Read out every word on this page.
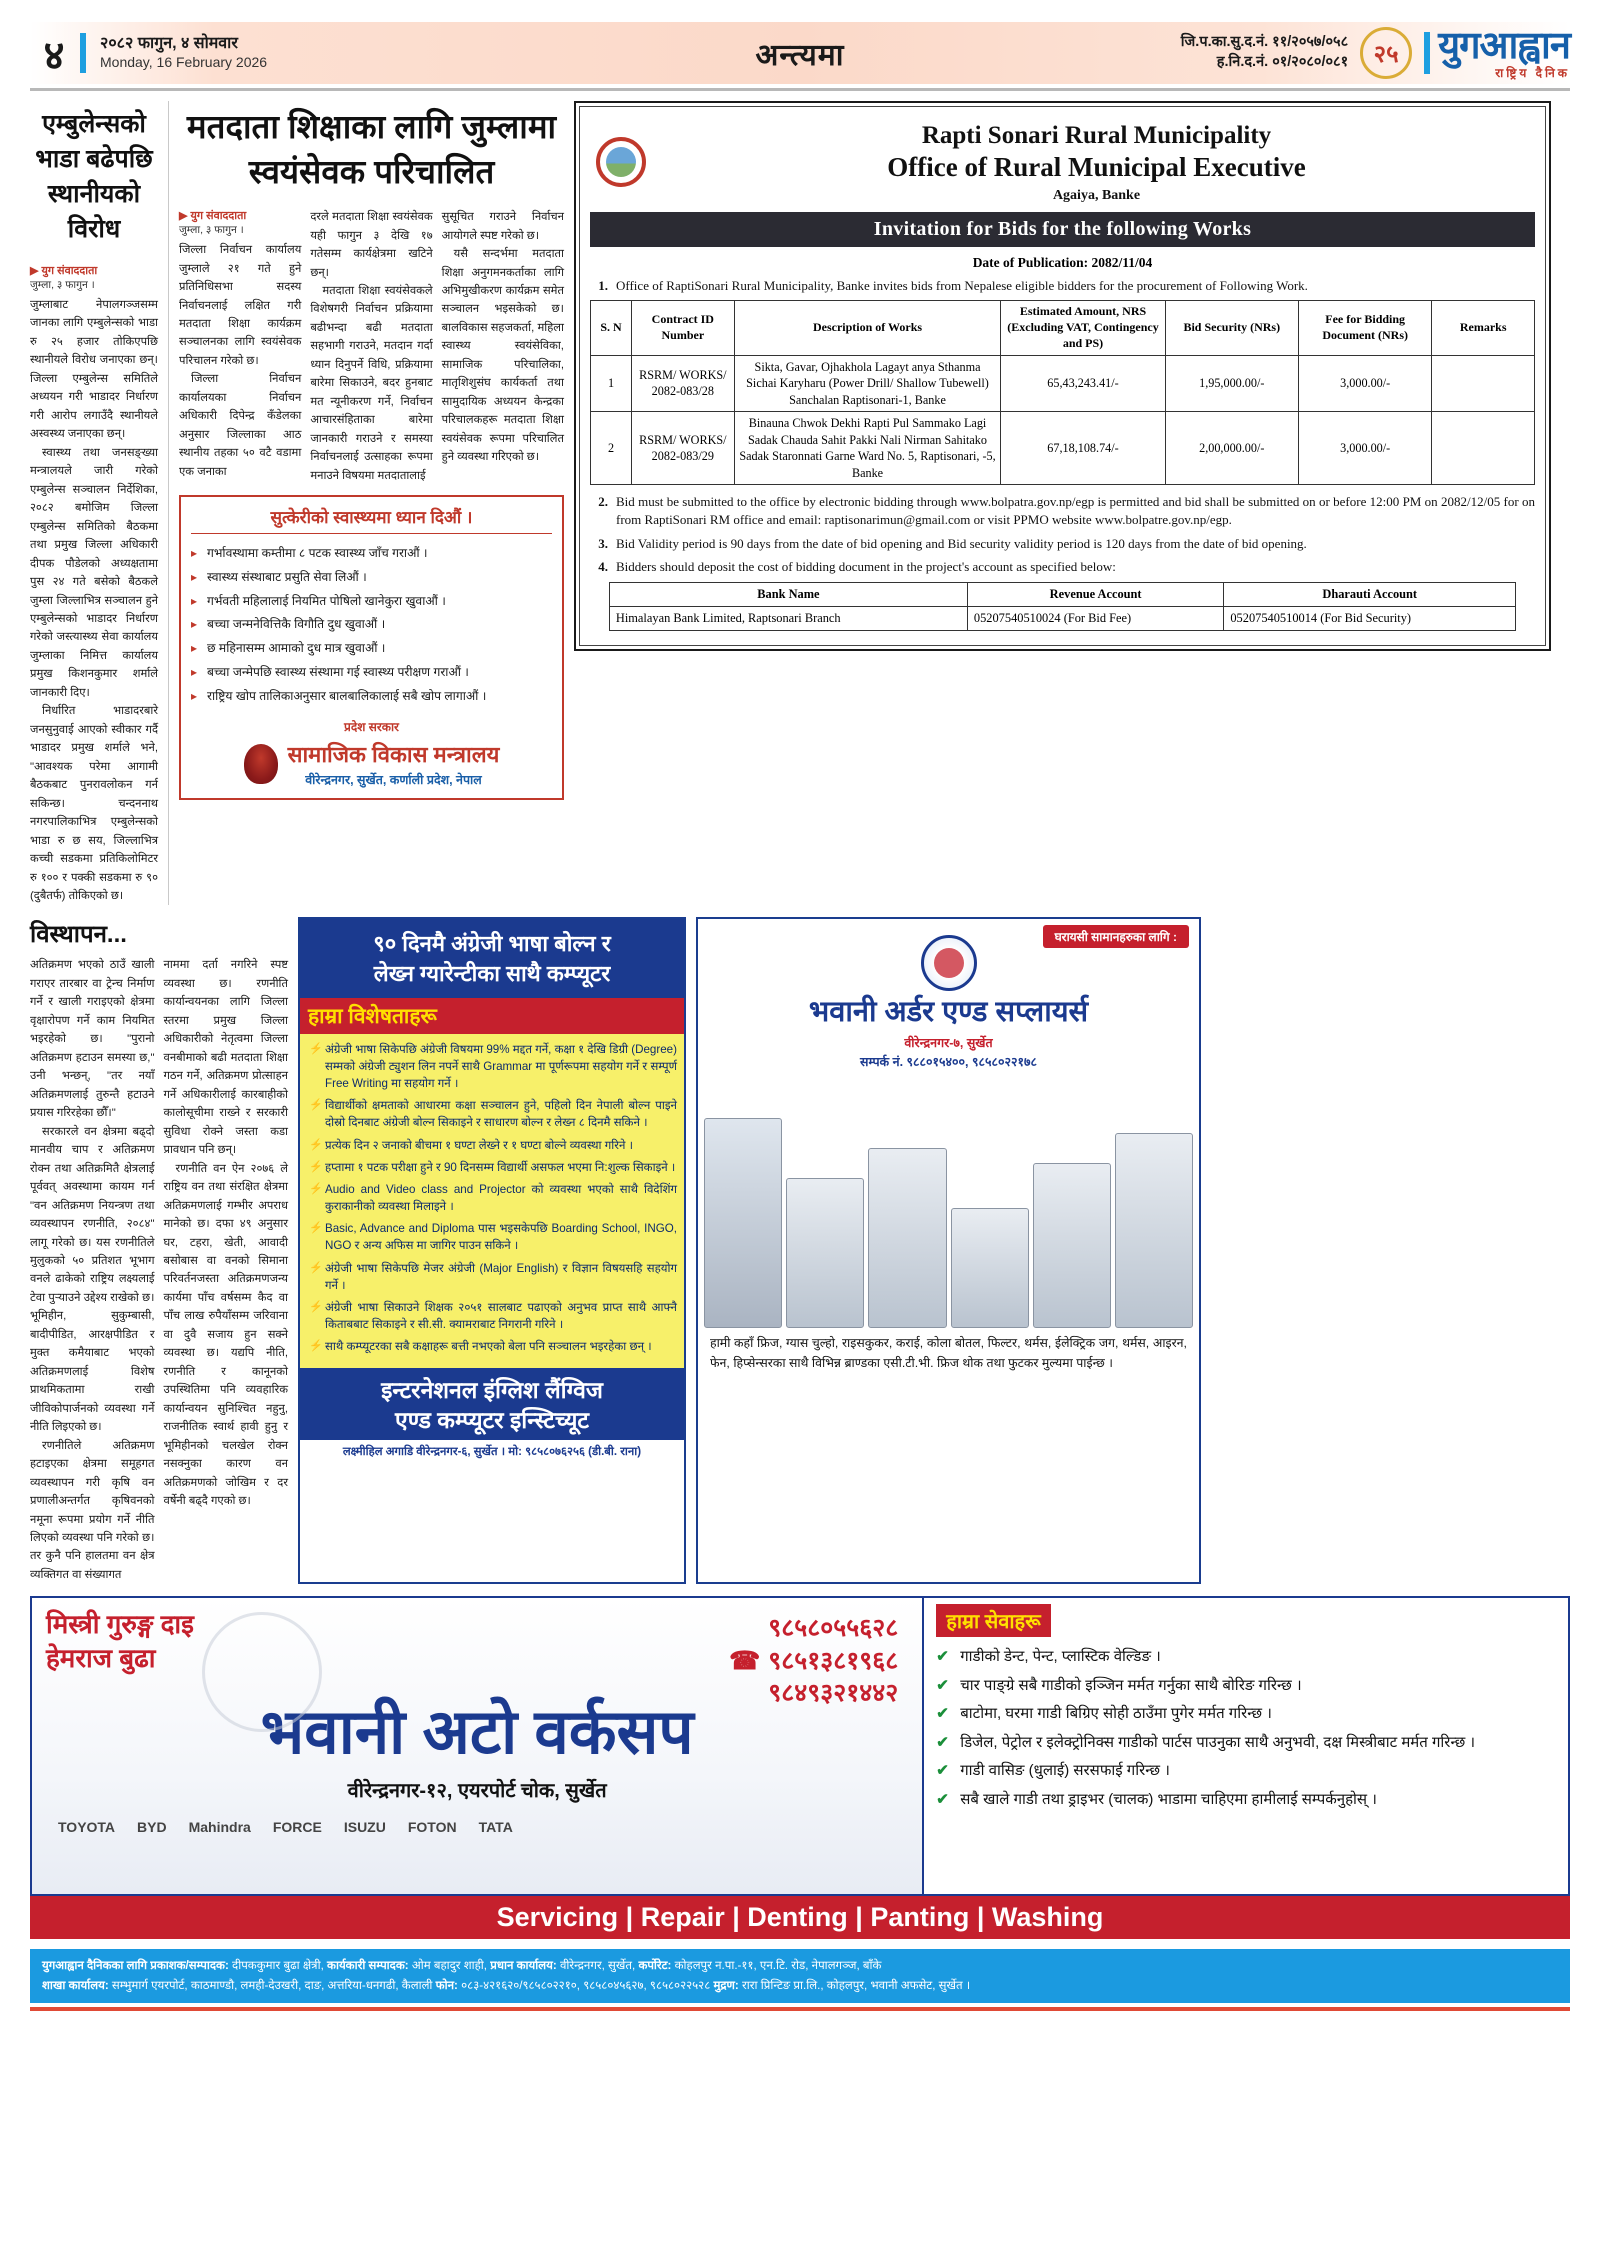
४	२०८२ फागुन, ४ सोमवार
Monday, 16 February 2026	अन्त्यमा	जि.प.का.सु.द.नं. ११/२०५७/०५८
ह.नि.द.नं. ०१/२०८०/०८१	२५	युगआह्वान
राष्ट्रिय दैनिक
एम्बुलेन्सको भाडा बढेपछि स्थानीयको विरोध
▶ युग संवाददाता
जुम्ला, ३ फागुन ।
जुम्लाबाट नेपालगञ्जसम्म जानका लागि एम्बुलेन्सको भाडा रु २५ हजार तोकिएपछि स्थानीयले विरोध जनाएका छन्। जिल्ला एम्बुलेन्स समितिले अध्ययन गरी भाडादर निर्धारण गरी आरोप लगाउँदै स्थानीयले अस्वस्थ्य जनाएका छन्।
स्वास्थ्य तथा जनसङ्ख्या मन्त्रालयले जारी गरेको एम्बुलेन्स सञ्चालन निर्देशिका, २०८२ बमोजिम जिल्ला एम्बुलेन्स समितिको बैठकमा तथा प्रमुख जिल्ला अधिकारी दीपक पौडेलको अध्यक्षतामा पुस २४ गते बसेको बैठकले जुम्ला जिल्लाभित्र सञ्चालन हुने एम्बुलेन्सको भाडादर निर्धारण गरेको जस्त्यास्थ्य सेवा कार्यालय जुम्लाका निमित्त कार्यालय प्रमुख किशनकुमार शर्माले जानकारी दिए।
निर्धारित भाडादरबारे जनसुनुवाई आएको स्वीकार गर्दै भाडादर प्रमुख शर्माले भने, "आवश्यक परेमा आगामी बैठकबाट पुनरावलोकन गर्न सकिन्छ। चन्दननाथ नगरपालिकाभित्र एम्बुलेन्सको भाडा रु छ सय, जिल्लाभित्र कच्ची सडकमा प्रतिकिलोमिटर रु १०० र पक्की सडकमा रु ९० (दुबैतर्फ) तोकिएको छ।
मतदाता शिक्षाका लागि जुम्लामा स्वयंसेवक परिचालित
▶ युग संवाददाता
जुम्ला, ३ फागुन ।
जिल्ला निर्वाचन कार्यालय जुम्लाले २१ गते हुने प्रतिनिधिसभा सदस्य निर्वाचनलाई लक्षित गरी मतदाता शिक्षा कार्यक्रम सञ्चालनका लागि स्वयंसेवक परिचालन गरेको छ।
जिल्ला निर्वाचन कार्यालयका निर्वाचन अधिकारी दिपेन्द्र कँडेलका अनुसार जिल्लाका आठ स्थानीय तहका ५० वटै वडामा एक जनाका
दरले मतदाता शिक्षा स्वयंसेवक यही फागुन ३ देखि १७ गतेसम्म कार्यक्षेत्रमा खटिने छन्।
मतदाता शिक्षा स्वयंसेवकले विशेषगरी निर्वाचन प्रक्रियामा बढीभन्दा बढी मतदाता सहभागी गराउने, मतदान गर्दा ध्यान दिनुपर्ने विधि, प्रक्रियामा बारेमा सिकाउने, बदर हुनबाट मत न्यूनीकरण गर्ने, निर्वाचन आचारसंहिताका बारेमा जानकारी गराउने र समस्या निर्वाचनलाई उत्साहका रूपमा मनाउने विषयमा मतदातालाई
सुसूचित गराउने निर्वाचन आयोगले स्पष्ट गरेको छ।
यसै सन्दर्भमा मतदाता शिक्षा अनुगमनकर्ताका लागि अभिमुखीकरण कार्यक्रम समेत सञ्चालन भइसकेको छ। बालविकास सहजकर्ता, महिला स्वास्थ्य स्वयंसेविका, सामाजिक परिचालिका, मातृशिशुसंघ कार्यकर्ता तथा सामुदायिक अध्ययन केन्द्रका परिचालकहरू मतदाता शिक्षा स्वयंसेवक रूपमा परिचालित हुने व्यवस्था गरिएको छ।
सुत्केरीको स्वास्थ्यमा ध्यान दिऔं ।
▸ गर्भावस्थामा कम्तीमा ८ पटक स्वास्थ्य जाँच गराऔं ।
▸ स्वास्थ्य संस्थाबाट प्रसुति सेवा लिऔं ।
▸ गर्भवती महिलालाई नियमित पोषिलो खानेकुरा खुवाऔं ।
▸ बच्चा जन्मनेवित्तिकै विगौति दुध खुवाऔं ।
▸ छ महिनासम्म आमाको दुध मात्र खुवाऔं ।
▸ बच्चा जन्मेपछि स्वास्थ्य संस्थामा गई स्वास्थ्य परीक्षण गराऔं ।
▸ राष्ट्रिय खोप तालिकाअनुसार बालबालिकालाई सबै खोप लागाऔं ।
प्रदेश सरकार
सामाजिक विकास मन्त्रालय
वीरेन्द्रनगर, सुर्खेत, कर्णाली प्रदेश, नेपाल
Rapti Sonari Rural Municipality
Office of Rural Municipal Executive
Agaiya, Banke
Invitation for Bids for the following Works
Date of Publication: 2082/11/04
1. Office of RaptiSonari Rural Municipality, Banke invites bids from Nepalese eligible bidders for the procurement of Following Work.
S. N	Contract ID Number	Description of Works	Estimated Amount, NRS (Excluding VAT, Contingency and PS)	Bid Security (NRs)	Fee for Bidding Document (NRs)	Remarks
1	RSRM/ WORKS/ 2082-083/28	Sikta, Gavar, Ojhakhola Lagayt anya Sthanma Sichai Karyharu (Power Drill/ Shallow Tubewell) Sanchalan Raptisonari-1, Banke	65,43,243.41/-	1,95,000.00/-	3,000.00/-	
2	RSRM/ WORKS/ 2082-083/29	Binauna Chwok Dekhi Rapti Pul Sammako Lagi Sadak Chauda Sahit Pakki Nali Nirman Sahitako Sadak Staronnati Garne Ward No. 5, Raptisonari, -5, Banke	67,18,108.74/-	2,00,000.00/-	3,000.00/-	
2. Bid must be submitted to the office by electronic bidding through www.bolpatra.gov.np/egp is permitted and bid shall be submitted on or before 12:00 PM on 2082/12/05 for on from RaptiSonari RM office and email: raptisonarimun@gmail.com or visit PPMO website www.bolpatre.gov.np/egp.
3. Bid Validity period is 90 days from the date of bid opening and Bid security validity period is 120 days from the date of bid opening.
4. Bidders should deposit the cost of bidding document in the project's account as specified below:
Bank Name	Revenue Account	Dharauti Account
Himalayan Bank Limited, Raptsonari Branch	05207540510024 (For Bid Fee)	05207540510014 (For Bid Security)
विस्थापन...
अतिक्रमण भएको ठाउँ खाली गराएर तारबार वा ट्रेन्च निर्माण गर्ने र खाली गराइएको क्षेत्रमा वृक्षारोपण गर्ने काम नियमित भइरहेको छ। "पुरानो अतिक्रमण हटाउन समस्या छ," उनी भन्छन्, "तर नयाँ अतिक्रमणलाई तुरुन्तै हटाउने प्रयास गरिरहेका छौँ।"
सरकारले वन क्षेत्रमा बढ्दो मानवीय चाप र अतिक्रमण रोक्न तथा अतिक्रमितै क्षेत्रलाई पूर्ववत् अवस्थामा कायम गर्न "वन अतिक्रमण नियन्त्रण तथा व्यवस्थापन रणनीति, २०८४" लागू गरेको छ। यस रणनीतिले मुलुकको ५० प्रतिशत भूभाग वनले ढाकेको राष्ट्रिय लक्ष्यलाई टेवा पुऱ्याउने उद्देश्य राखेको छ। भूमिहीन, सुकुम्बासी, बादीपीडित, आरक्षपीडित र मुक्त कमैयाबाट भएको अतिक्रमणलाई विशेष प्राथमिकतामा राखी जीविकोपार्जनको व्यवस्था गर्ने नीति लिइएको छ।
रणनीतिले अतिक्रमण हटाइएका क्षेत्रमा समूहगत व्यवस्थापन गरी कृषि वन प्रणालीअन्तर्गत कृषिवनको नमूना रूपमा प्रयोग गर्ने नीति लिएको व्यवस्था पनि गरेको छ। तर कुनै पनि हालतमा वन क्षेत्र व्यक्तिगत वा संख्यागत
नाममा दर्ता नगरिने स्पष्ट व्यवस्था छ। रणनीति कार्यान्वयनका लागि जिल्ला स्तरमा प्रमुख जिल्ला अधिकारीको नेतृत्वमा जिल्ला वनबीमाको बढी मतदाता शिक्षा गठन गर्ने, अतिक्रमण प्रोत्साहन गर्ने अधिकारीलाई कारबाहीको कालोसूचीमा राख्ने र सरकारी सुविधा रोक्ने जस्ता कडा प्रावधान पनि छन्।
रणनीति वन ऐन २०७६ ले राष्ट्रिय वन तथा संरक्षित क्षेत्रमा अतिक्रमणलाई गम्भीर अपराध मानेको छ। दफा ४९ अनुसार घर, टहरा, खेती, आवादी बसोबास वा वनको सिमाना परिवर्तनजस्ता अतिक्रमणजन्य कार्यमा पाँच वर्षसम्म कैद वा पाँच लाख रुपैयाँसम्म जरिवाना वा दुवै सजाय हुन सक्ने व्यवस्था छ। यद्यपि नीति, रणनीति र कानूनको उपस्थितिमा पनि व्यवहारिक कार्यान्वयन सुनिश्चित नहुनु, राजनीतिक स्वार्थ हावी हुनु र भूमिहीनको चलखेल रोक्न नसक्नुका कारण वन अतिक्रमणको जोखिम र दर वर्षेनी बढ्दै गएको छ।
९० दिनमै अंग्रेजी भाषा बोल्न र
लेख्न ग्यारेन्टीका साथै कम्प्यूटर
हाम्रा विशेषताहरू
⚡ अंग्रेजी भाषा सिकेपछि अंग्रेजी विषयमा 99% मद्दत गर्ने, कक्षा १ देखि डिग्री (Degree) सम्मको अंग्रेजी ट्युशन लिन नपर्ने साथै Grammar मा पूर्णरूपमा सहयोग गर्ने र सम्पूर्ण Free Writing मा सहयोग गर्ने ।
⚡ विद्यार्थीको क्षमताको आधारमा कक्षा सञ्चालन हुने, पहिलो दिन नेपाली बोल्न पाइने दोस्रो दिनबाट अंग्रेजी बोल्न सिकाइने र साधारण बोल्न र लेख्न ८ दिनमै सकिने ।
⚡ प्रत्येक दिन २ जनाको बीचमा १ घण्टा लेख्ने र १ घण्टा बोल्ने व्यवस्था गरिने ।
⚡ हप्तामा १ पटक परीक्षा हुने र 90 दिनसम्म विद्यार्थी असफल भएमा नि:शुल्क सिकाइने ।
⚡ Audio and Video class and Projector को व्यवस्था भएको साथै विदेशिंग कुराकानीको व्यवस्था मिलाइने ।
⚡ Basic, Advance and Diploma पास भइसकेपछि Boarding School, INGO, NGO र अन्य अफिस मा जागिर पाउन सकिने ।
⚡ अंग्रेजी भाषा सिकेपछि मेजर अंग्रेजी (Major English) र विज्ञान विषयसहि सहयोग गर्ने ।
⚡ अंग्रेजी भाषा सिकाउने शिक्षक २०५१ सालबाट पढाएको अनुभव प्राप्त साथै आफ्नै किताबबाट सिकाइने र सी.सी. क्यामराबाट निगरानी गरिने ।
⚡ साथै कम्प्यूटरका सबै कक्षाहरू बत्ती नभएको बेला पनि सञ्चालन भइरहेका छन् ।
इन्टरनेशनल इंग्लिश लैंग्विज
एण्ड कम्प्यूटर इन्स्टिच्यूट
लक्ष्मीहिल अगाडि वीरेन्द्रनगर-६, सुर्खेत । मो: ९८५८०७६२५६ (डी.बी. राना)
घरायसी सामानहरुका लागि :
भवानी अर्डर एण्ड सप्लायर्स
वीरेन्द्रनगर-७, सुर्खेत
सम्पर्क नं. ९८८०१५४००, ९८५८०२२१७८
हामी कहाँ फ्रिज, ग्यास चुल्हो, राइसकुकर, कराई, कोला बोतल, फिल्टर, थर्मस, ईलेक्ट्रिक जग, थर्मस, आइरन, फेन, हिप्सेन्सरका साथै विभिन्न ब्राण्डका एसी.टी.भी. फ्रिज थोक तथा फुटकर मुल्यमा पाईन्छ ।
मिस्त्री गुरुङ्ग दाइ
हेमराज बुढा
९८५८०५५६२८
☎ ९८५१३८१९६८
९८४९३२१४४२
भवानी अटो वर्कसप
वीरेन्द्रनगर-१२, एयरपोर्ट चोक, सुर्खेत
TOYOTA BYD Mahindra FORCE ISUZU FOTON TATA
हाम्रा सेवाहरू
✔ गाडीको डेन्ट, पेन्ट, प्लास्टिक वेल्डिङ ।
✔ चार पाङ्ग्रे सबै गाडीको इञ्जिन मर्मत गर्नुका साथै बोरिङ गरिन्छ ।
✔ बाटोमा, घरमा गाडी बिग्रिए सोही ठाउँमा पुगेर मर्मत गरिन्छ ।
✔ डिजेल, पेट्रोल र इलेक्ट्रोनिक्स गाडीको पार्टस पाउनुका साथै अनुभवी, दक्ष मिस्त्रीबाट मर्मत गरिन्छ ।
✔ गाडी वासिङ (धुलाई) सरसफाई गरिन्छ ।
✔ सबै खाले गाडी तथा ड्राइभर (चालक) भाडामा चाहिएमा हामीलाई सम्पर्कनुहोस् ।
Servicing | Repair | Denting | Panting | Washing
युगआह्वान दैनिकका लागि प्रकाशक/सम्पादक: दीपककुमार बुढा क्षेत्री, कार्यकारी सम्पादक: ओम बहादुर शाही, प्रधान कार्यालय: वीरेन्द्रनगर, सुर्खेत, कर्पोरेट: कोहलपुर न.पा.-११, एन.टि. रोड, नेपालगञ्ज, बाँके
शाखा कार्यालय: सम्भुमार्ग एयरपोर्ट, काठमाण्डौ, लमही-देउखरी, दाङ, अत्तरिया-धनगढी, कैलाली फोन: ०८३-४२१६२०/९८५८०२२१०, ९८५८०४५६२७, ९८५८०२२५२८ मुद्रण: रारा प्रिन्टिङ प्रा.लि., कोहलपुर, भवानी अफसेट, सुर्खेत ।
